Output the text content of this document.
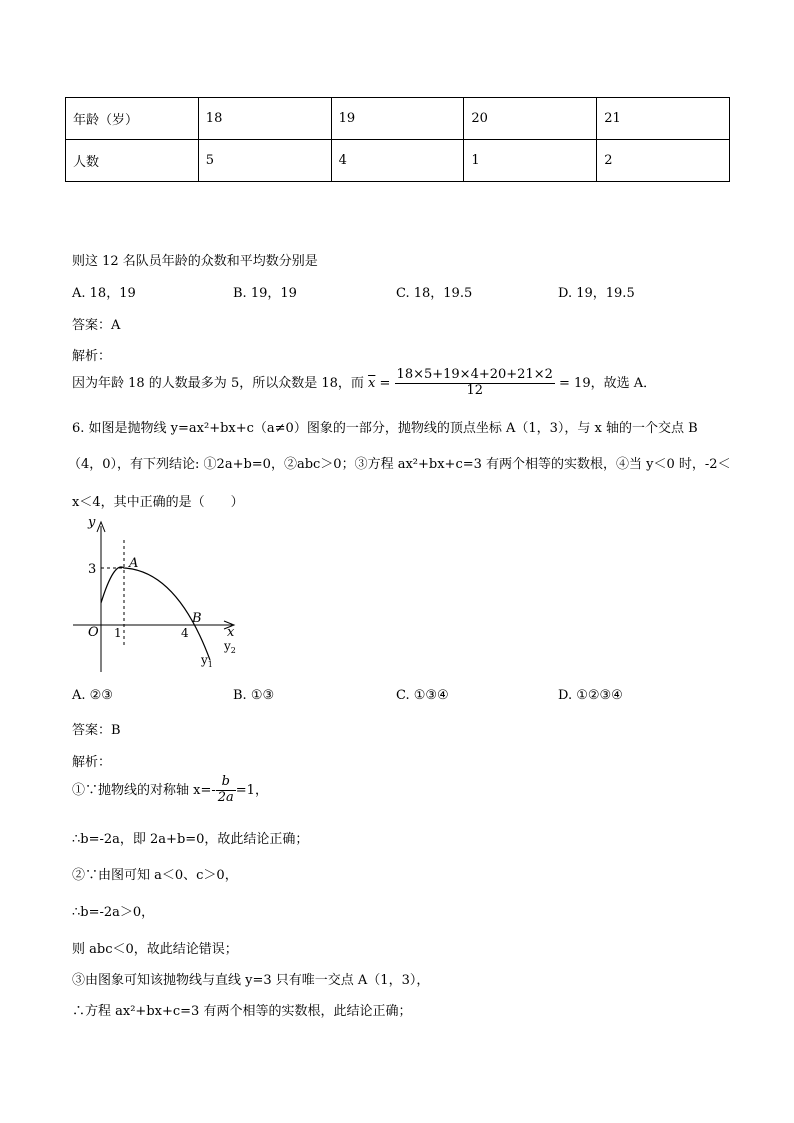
年龄（岁）	18	19	20	21
人数	5	4	1	2
则这 12 名队员年龄的众数和平均数分别是
A. 18，19	B. 19，19	C. 18，19.5	D. 19，19.5
答案：A
解析：
因为年龄 18 的人数最多为 5，所以众数是 18，而 $\overline{x} = \frac{18\times 5+19\times 4+20+21\times 2}{12} = 19$，故选 A．
6. 如图是抛物线 y=ax²+bx+c（a≠0）图象的一部分，抛物线的顶点坐标 A（1，3），与 x 轴的一个交点 B
（4，0），有下列结论: ①2a+b=0，②abc＞0；③方程 ax²+bx+c=3 有两个相等的实数根，④当 y＜0 时，-2＜
x＜4，其中正确的是（　　）
y
x
O
3
1	4
A
B
$y_2$
$y_1$
A. ②③	B. ①③	C. ①③④	D. ①②③④
答案：B
解析：
①∵抛物线的对称轴 $x=- \frac{b}{2a} =1$，
∴b=-2a，即 2a+b=0，故此结论正确；
②∵由图可知 a＜0、c＞0，
∴b=-2a＞0，
则 abc＜0，故此结论错误；
③由图象可知该抛物线与直线 y=3 只有唯一交点 A（1，3），
∴方程 ax²+bx+c=3 有两个相等的实数根，此结论正确；
